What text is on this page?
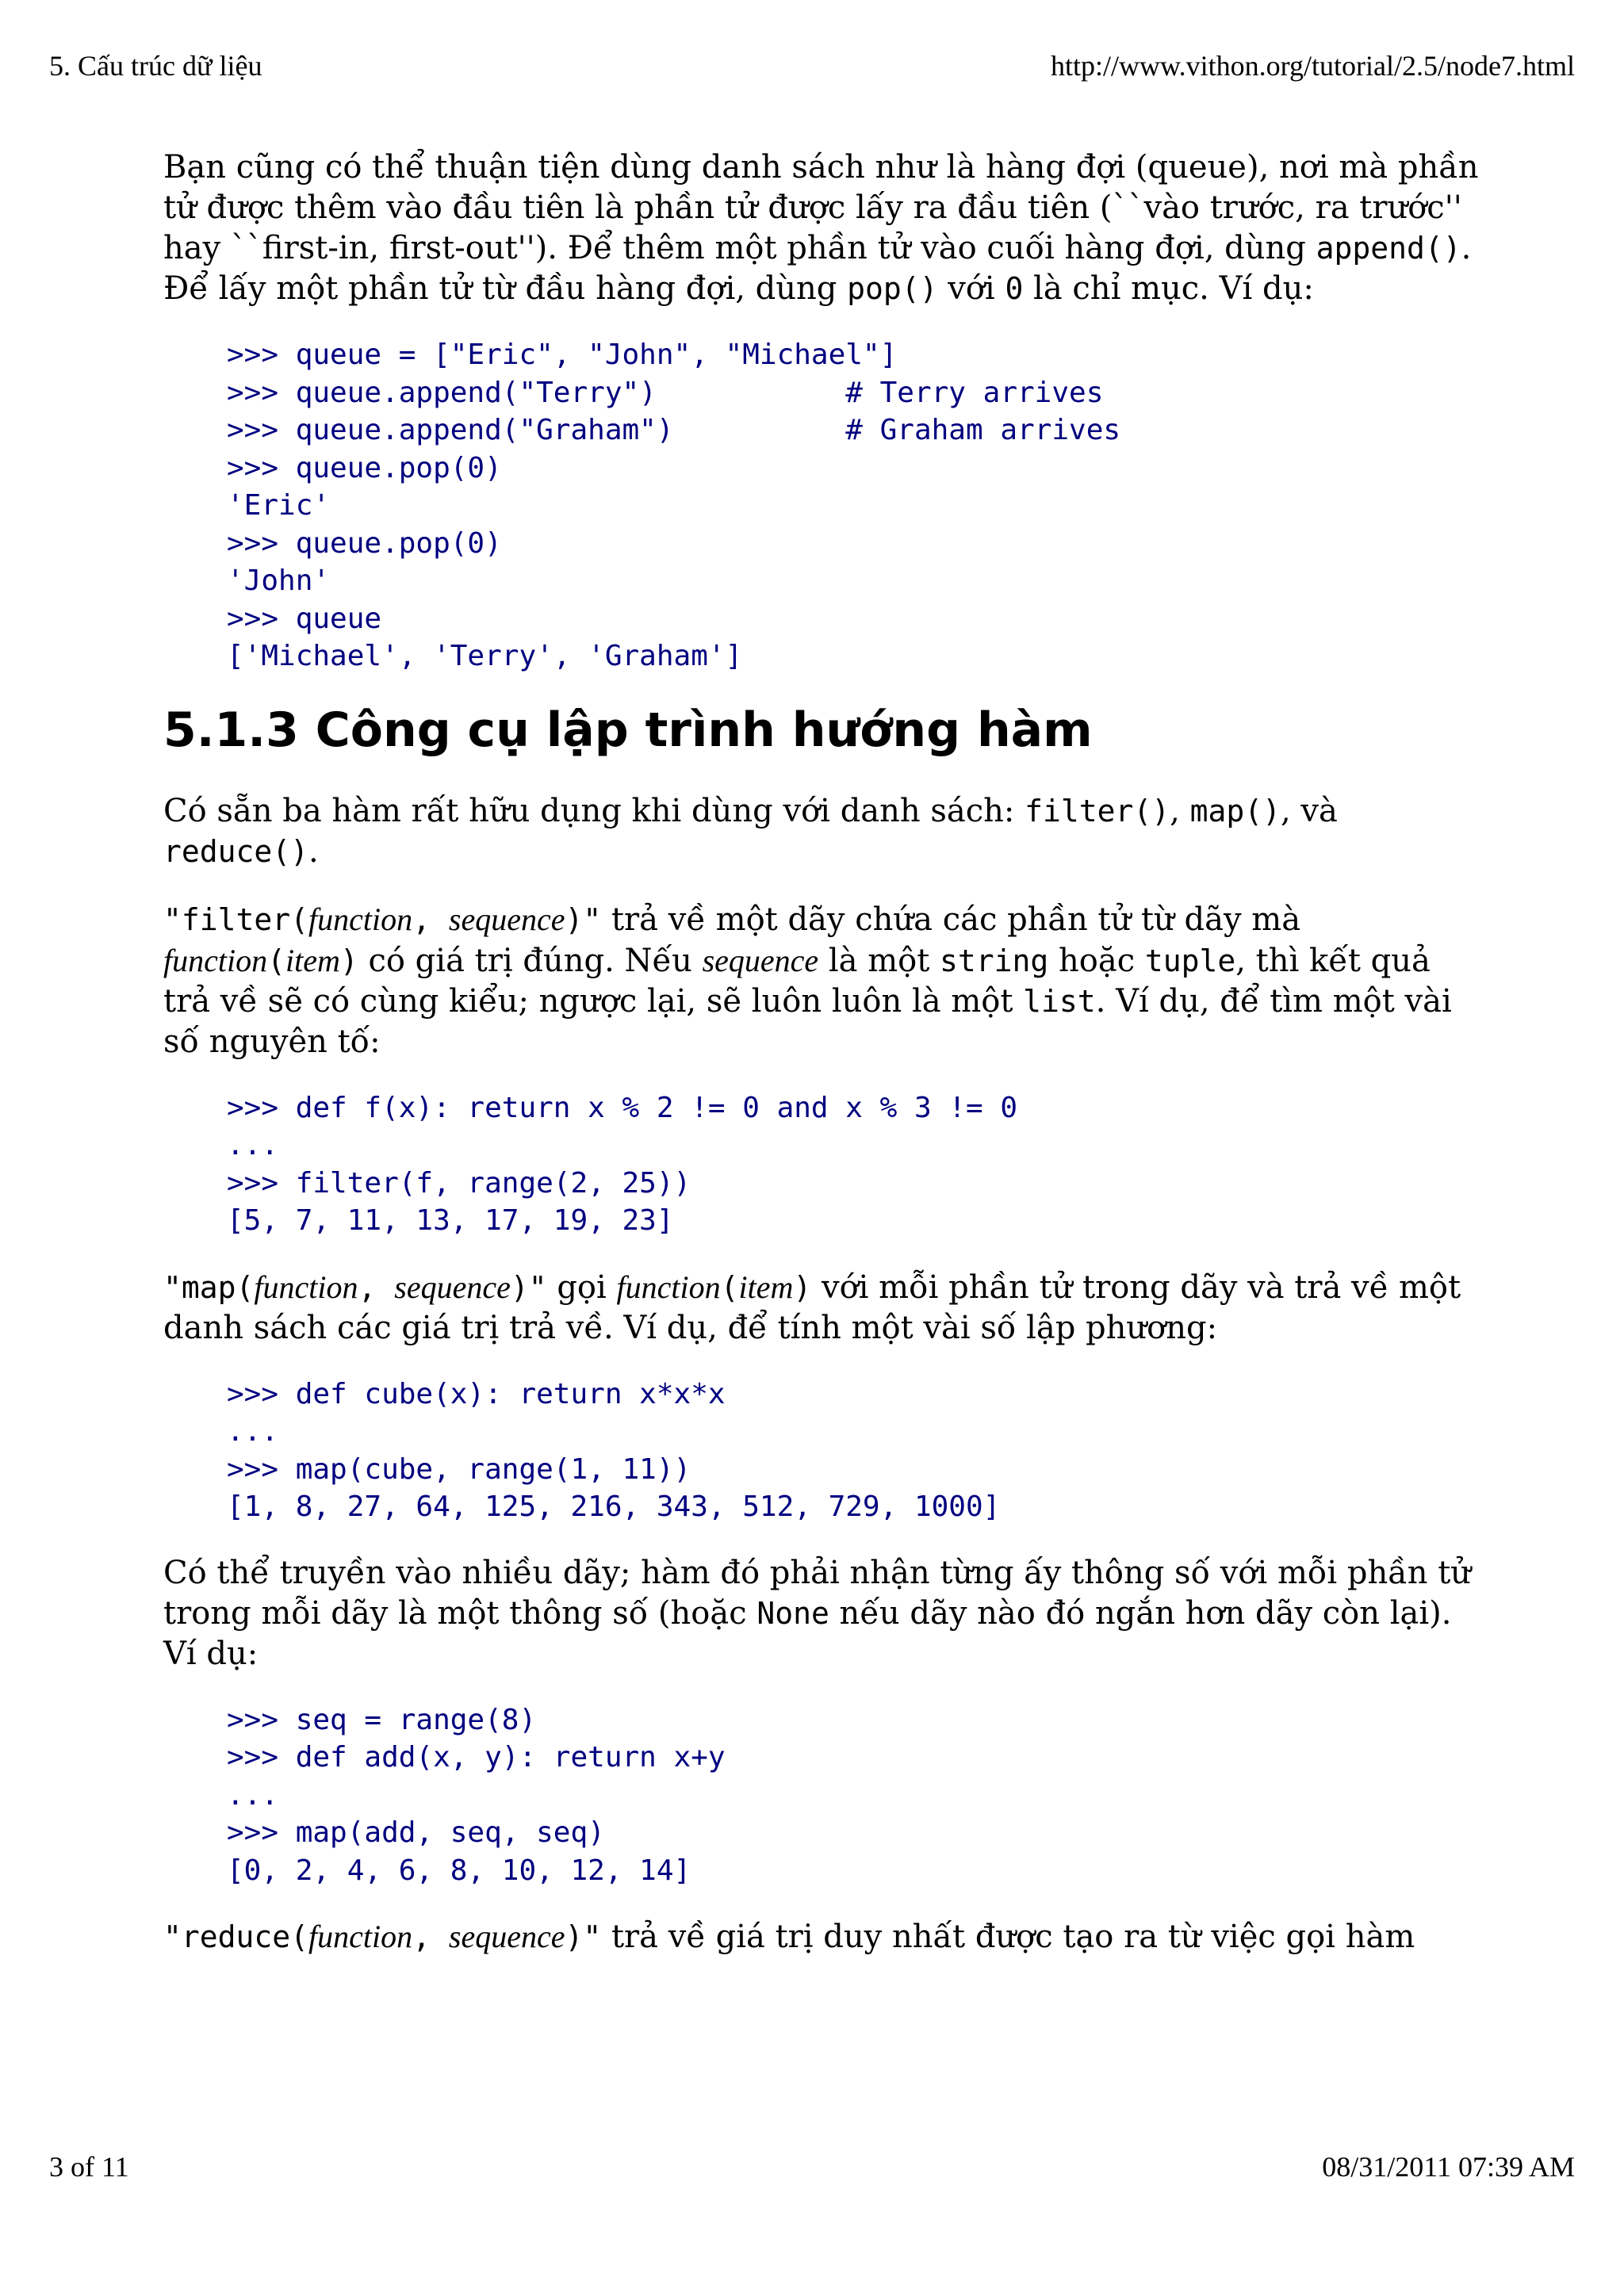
5. Cấu trúc dữ liệu	http://www.vithon.org/tutorial/2.5/node7.html

Bạn cũng có thể thuận tiện dùng danh sách như là hàng đợi (queue), nơi mà phần tử được thêm vào đầu tiên là phần tử được lấy ra đầu tiên (``vào trước, ra trước'' hay ``first-in, first-out''). Để thêm một phần tử vào cuối hàng đợi, dùng append(). Để lấy một phần tử từ đầu hàng đợi, dùng pop() với 0 là chỉ mục. Ví dụ:

>>> queue = ["Eric", "John", "Michael"]
>>> queue.append("Terry")           # Terry arrives
>>> queue.append("Graham")          # Graham arrives
>>> queue.pop(0)
'Eric'
>>> queue.pop(0)
'John'
>>> queue
['Michael', 'Terry', 'Graham']
5.1.3 Công cụ lập trình hướng hàm

Có sẵn ba hàm rất hữu dụng khi dùng với danh sách: filter(), map(), và reduce().

"filter(function, sequence)" trả về một dãy chứa các phần tử từ dãy mà function(item) có giá trị đúng. Nếu sequence là một string hoặc tuple, thì kết quả trả về sẽ có cùng kiểu; ngược lại, sẽ luôn luôn là một list. Ví dụ, để tìm một vài số nguyên tố:

>>> def f(x): return x % 2 != 0 and x % 3 != 0
...
>>> filter(f, range(2, 25))
[5, 7, 11, 13, 17, 19, 23]

"map(function, sequence)" gọi function(item) với mỗi phần tử trong dãy và trả về một danh sách các giá trị trả về. Ví dụ, để tính một vài số lập phương:

>>> def cube(x): return x*x*x
...
>>> map(cube, range(1, 11))
[1, 8, 27, 64, 125, 216, 343, 512, 729, 1000]

Có thể truyền vào nhiều dãy; hàm đó phải nhận từng ấy thông số với mỗi phần tử trong mỗi dãy là một thông số (hoặc None nếu dãy nào đó ngắn hơn dãy còn lại). Ví dụ:

>>> seq = range(8)
>>> def add(x, y): return x+y
...
>>> map(add, seq, seq)
[0, 2, 4, 6, 8, 10, 12, 14]

"reduce(function, sequence)" trả về giá trị duy nhất được tạo ra từ việc gọi hàm

3 of 11	08/31/2011 07:39 AM
